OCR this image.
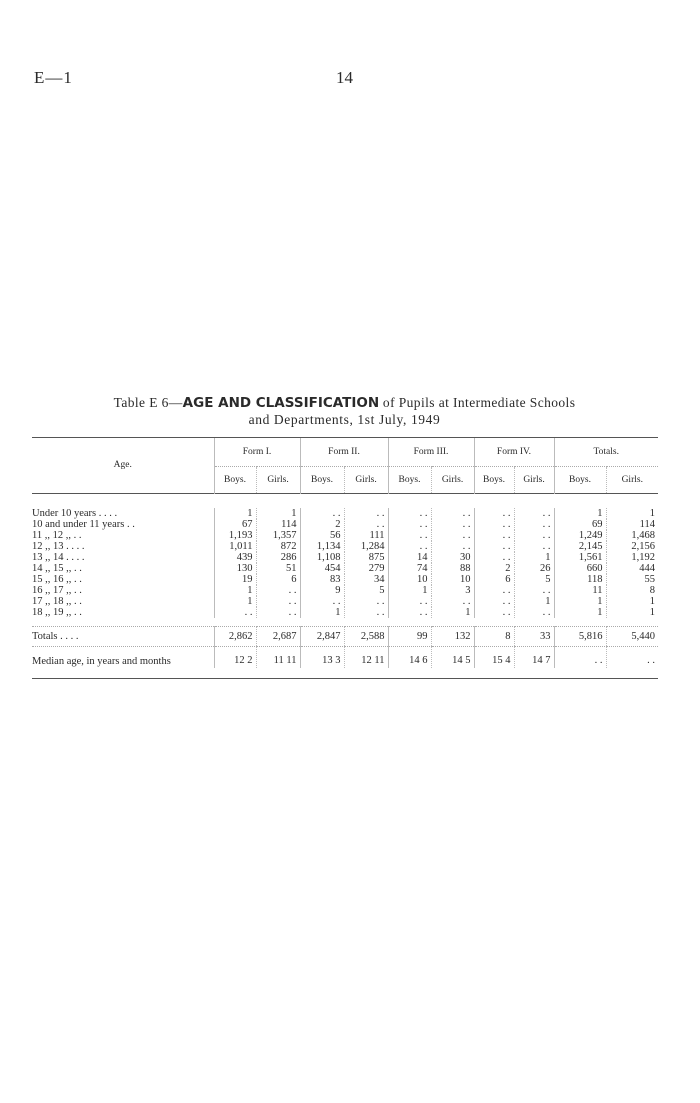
E—1	14
Table E 6—AGE AND CLASSIFICATION of Pupils at Intermediate Schools
and Departments, 1st July, 1949

Age.	Form I.		Form II.		Form III.		Form IV.		Totals.	
	Boys.	Girls.	Boys.	Girls.	Boys.	Girls.	Boys.	Girls.	Boys.	Girls.

Under 10 years . . . .	1	1	. .	. .	. .	. .	. .	. .	1	1
10 and under 11 years . .	67	114	2	. .	. .	. .	. .	. .	69	114
11 ,, 12 ,, . .	1,193	1,357	56	111	. .	. .	. .	. .	1,249	1,468
12 ,, 13 . . . .	1,011	872	1,134	1,284	. .	. .	. .	. .	2,145	2,156
13 ,, 14 . . . .	439	286	1,108	875	14	30	. .	1	1,561	1,192
14 ,, 15 ,, . .	130	51	454	279	74	88	2	26	660	444
15 ,, 16 ,, . .	19	6	83	34	10	10	6	5	118	55
16 ,, 17 ,, . .	1	. .	9	5	1	3	. .	. .	11	8
17 ,, 18 ,, . .	1	. .	. .	. .	. .	. .	. .	1	1	1
18 ,, 19 ,, . .	. .	. .	1	. .	. .	1	. .	. .	1	1

Totals . . . .	2,862	2,687	2,847	2,588	99	132	8	33	5,816	5,440
Median age, in years and months	12 2	11 11	13 3	12 11	14 6	14 5	15 4	14 7	. .	. .
